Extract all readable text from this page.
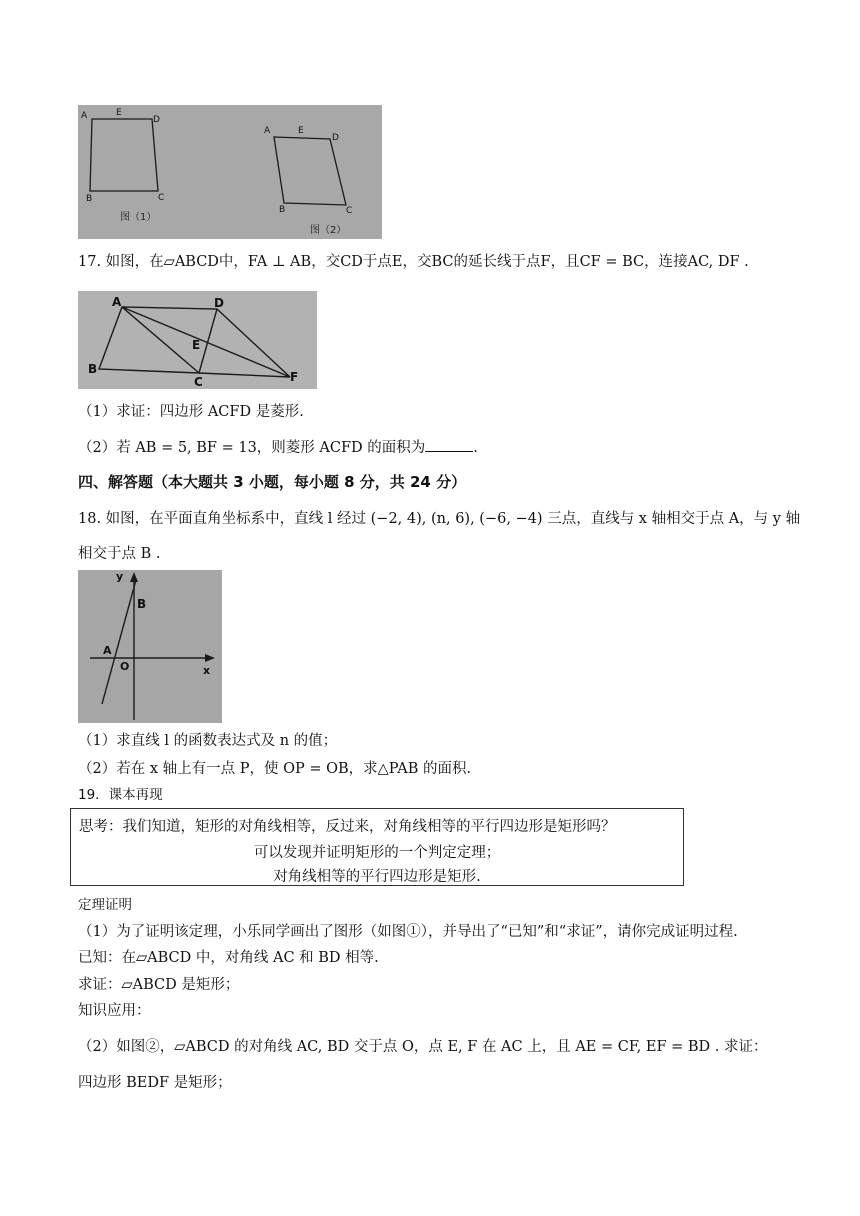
A	E
D
B	C
图（1）
A	E
D
B	C
图（2）
17. 如图，在▱ABCD中，FA ⊥ AB，交CD于点E，交BC的延长线于点F，且CF = BC，连接AC, DF .
A	D
E
B
C	F
（1）求证：四边形 ACFD 是菱形.
（2）若 AB = 5, BF = 13，则菱形 ACFD 的面积为	.
四、解答题（本大题共 3 小题，每小题 8 分，共 24 分）
18. 如图，在平面直角坐标系中，直线 l 经过 (−2, 4), (n, 6), (−6, −4) 三点，直线与 x 轴相交于点 A，与 y 轴
相交于点 B .
y
B
A
O	x
（1）求直线 l 的函数表达式及 n 的值；
（2）若在 x 轴上有一点 P，使 OP = OB，求△PAB 的面积.
19．课本再现
思考：我们知道，矩形的对角线相等，反过来，对角线相等的平行四边形是矩形吗？
可以发现并证明矩形的一个判定定理；
对角线相等的平行四边形是矩形.
定理证明
（1）为了证明该定理，小乐同学画出了图形（如图①），并导出了“已知”和“求证”，请你完成证明过程.
已知：在▱ABCD 中，对角线 AC 和 BD 相等.
求证：▱ABCD 是矩形；
知识应用：
（2）如图②，▱ABCD 的对角线 AC, BD 交于点 O，点 E, F 在 AC 上，且 AE = CF, EF = BD . 求证：
四边形 BEDF 是矩形；
